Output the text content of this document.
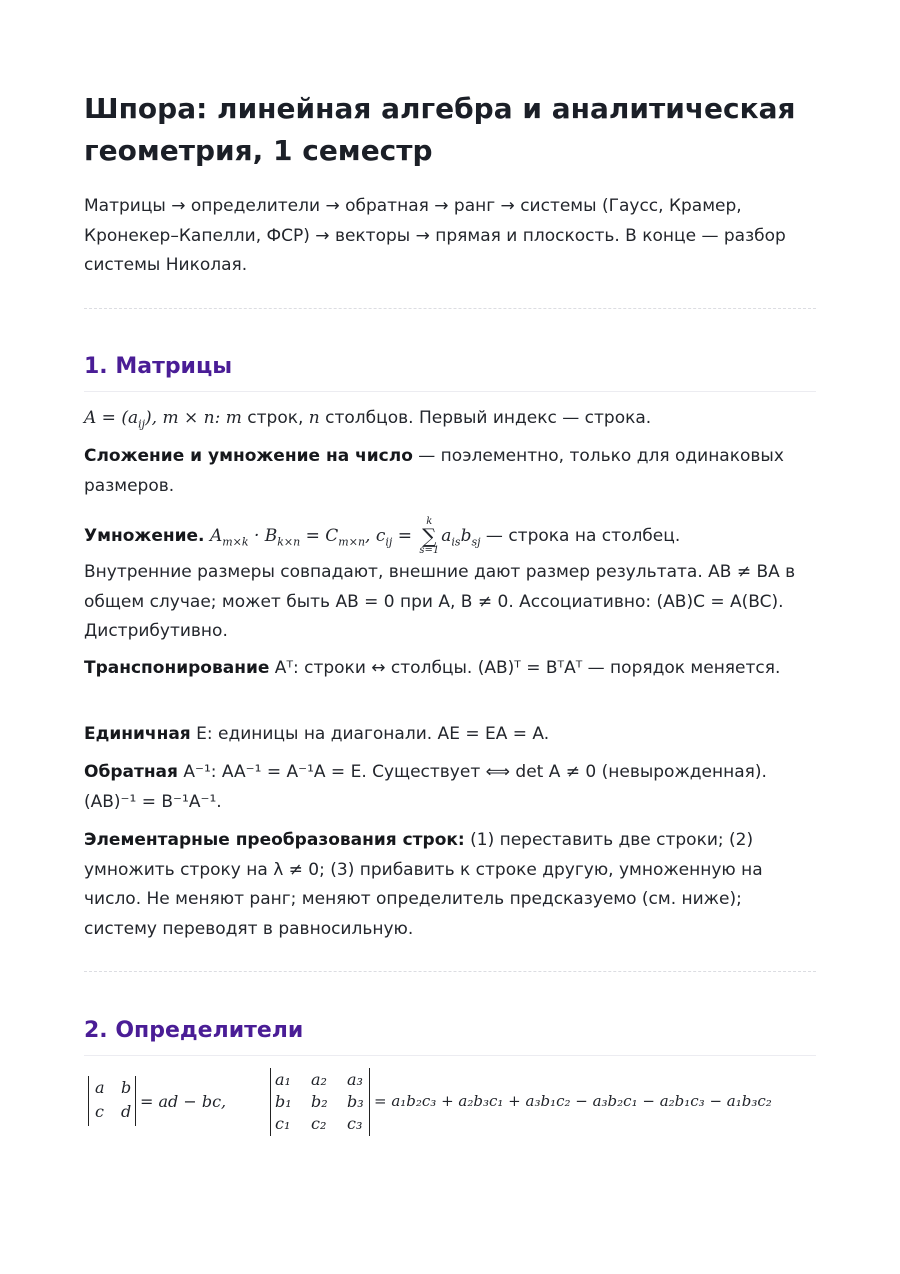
Шпора: линейная алгебра и аналитическая геометрия, 1 семестр

Матрицы → определители → обратная → ранг → системы (Гаусс, Крамер, Кронекер–Капелли, ФСР) → векторы → прямая и плоскость. В конце — разбор системы Николая.

1. Матрицы

$A = (a_{ij})$, m × n: m строк, n столбцов. Первый индекс — строка.

Сложение и умножение на число — поэлементно, только для одинаковых размеров.

Умножение. $A_{m\times k} \cdot B_{k\times n} = C_{m\times n}$, $c_{ij}$ =
k
∑
s=1
$a_{is}b_{sj}$ — строка на столбец.

Внутренние размеры совпадают, внешние дают размер результата. AB ≠ BA в общем случае; может быть AB = 0 при A, B ≠ 0. Ассоциативно: (AB)C = A(BC). Дистрибутивно.

Транспонирование Aᵀ: строки ↔ столбцы. (AB)ᵀ = BᵀAᵀ — порядок меняется.

Единичная E: единицы на диагонали. AE = EA = A.

Обратная A⁻¹: AA⁻¹ = A⁻¹A = E. Существует ⟺ det A ≠ 0 (невырожденная). (AB)⁻¹ = B⁻¹A⁻¹.

Элементарные преобразования строк: (1) переставить две строки; (2) умножить строку на λ ≠ 0; (3) прибавить к строке другую, умноженную на число. Не меняют ранг; меняют определитель предсказуемо (см. ниже); систему переводят в равносильную.

2. Определители
a b
c d
= ad − bc,
a₁ a₂ a₃
b₁ b₂ b₃
c₁ c₂ c₃
= a₁b₂c₃ + a₂b₃c₁ + a₃b₁c₂ − a₃b₂c₁ − a₂b₁c₃ − a₁b₃c₂
